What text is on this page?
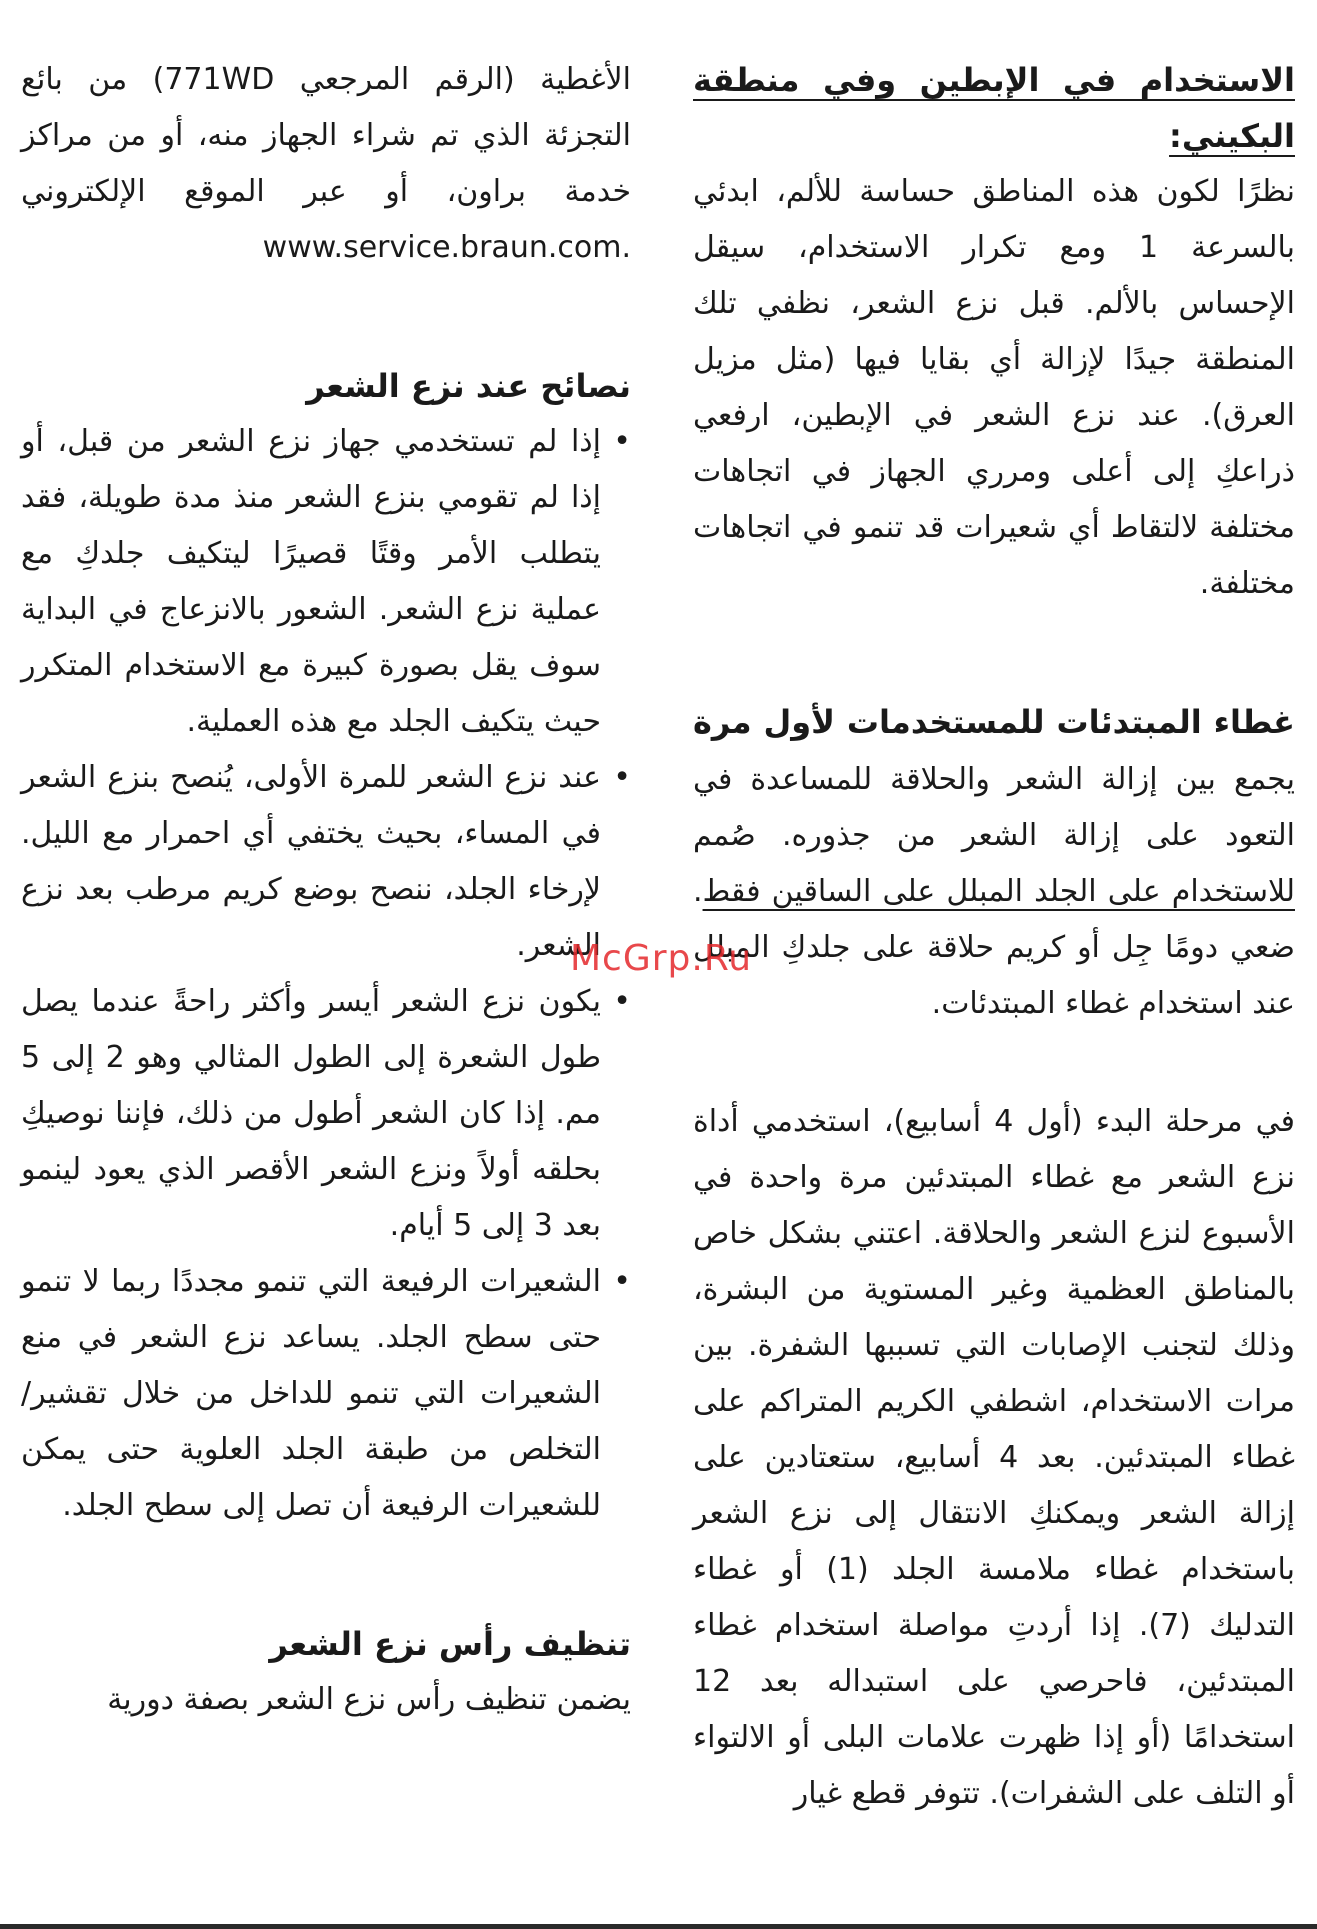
الاستخدام في الإبطين وفي منطقة البكيني:

نظرًا لكون هذه المناطق حساسة للألم، ابدئي بالسرعة 1 ومع تكرار الاستخدام، سيقل الإحساس بالألم. قبل نزع الشعر، نظفي تلك المنطقة جيدًا لإزالة أي بقايا فيها (مثل مزيل العرق). عند نزع الشعر في الإبطين، ارفعي ذراعكِ إلى أعلى ومرري الجهاز في اتجاهات مختلفة لالتقاط أي شعيرات قد تنمو في اتجاهات مختلفة.

غطاء المبتدئات للمستخدمات لأول مرة يجمع بين إزالة الشعر والحلاقة للمساعدة في التعود على إزالة الشعر من جذوره. صُمم للاستخدام على الجلد المبلل على الساقين فقط. ضعي دومًا جِل أو كريم حلاقة على جلدكِ المبلل عند استخدام غطاء المبتدئات.

في مرحلة البدء (أول 4 أسابيع)، استخدمي أداة نزع الشعر مع غطاء المبتدئين مرة واحدة في الأسبوع لنزع الشعر والحلاقة. اعتني بشكل خاص بالمناطق العظمية وغير المستوية من البشرة، وذلك لتجنب الإصابات التي تسببها الشفرة. بين مرات الاستخدام، اشطفي الكريم المتراكم على غطاء المبتدئين. بعد 4 أسابيع، ستعتادين على إزالة الشعر ويمكنكِ الانتقال إلى نزع الشعر باستخدام غطاء ملامسة الجلد (1) أو غطاء التدليك (7). إذا أردتِ مواصلة استخدام غطاء المبتدئين، فاحرصي على استبداله بعد 12 استخدامًا (أو إذا ظهرت علامات البلى أو الالتواء أو التلف على الشفرات). تتوفر قطع غيار

الأغطية (الرقم المرجعي 771WD) من بائع التجزئة الذي تم شراء الجهاز منه، أو من مراكز خدمة براون، أو عبر الموقع الإلكتروني www.service.braun.com.

نصائح عند نزع الشعر

• إذا لم تستخدمي جهاز نزع الشعر من قبل، أو إذا لم تقومي بنزع الشعر منذ مدة طويلة، فقد يتطلب الأمر وقتًا قصيرًا ليتكيف جلدكِ مع عملية نزع الشعر. الشعور بالانزعاج في البداية سوف يقل بصورة كبيرة مع الاستخدام المتكرر حيث يتكيف الجلد مع هذه العملية.
• عند نزع الشعر للمرة الأولى، يُنصح بنزع الشعر في المساء، بحيث يختفي أي احمرار مع الليل. لإرخاء الجلد، ننصح بوضع كريم مرطب بعد نزع الشعر.
• يكون نزع الشعر أيسر وأكثر راحةً عندما يصل طول الشعرة إلى الطول المثالي وهو 2 إلى 5 مم. إذا كان الشعر أطول من ذلك، فإننا نوصيكِ بحلقه أولاً ونزع الشعر الأقصر الذي يعود لينمو بعد 3 إلى 5 أيام.
• الشعيرات الرفيعة التي تنمو مجددًا ربما لا تنمو حتى سطح الجلد. يساعد نزع الشعر في منع الشعيرات التي تنمو للداخل من خلال تقشير/التخلص من طبقة الجلد العلوية حتى يمكن للشعيرات الرفيعة أن تصل إلى سطح الجلد.

تنظيف رأس نزع الشعر

يضمن تنظيف رأس نزع الشعر بصفة دورية

McGrp.Ru
